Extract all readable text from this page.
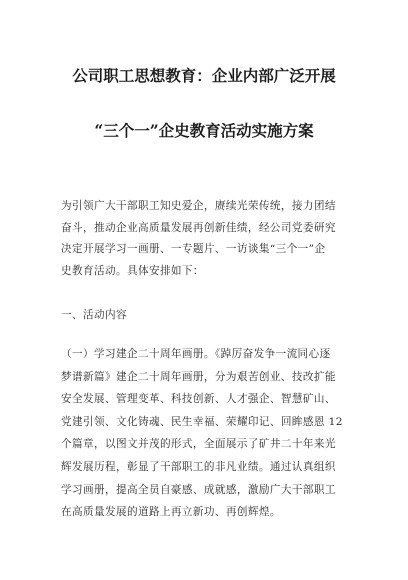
公司职工思想教育：企业内部广泛开展
“三个一”企史教育活动实施方案

为引领广大干部职工知史爱企，赓续光荣传统，接力团结
奋斗，推动企业高质量发展再创新佳绩，经公司党委研究
决定开展学习一画册、一专题片、一访谈集“三个一”企
史教育活动。具体安排如下：

一、活动内容

（一）学习建企二十周年画册。《踔厉奋发争一流同心逐
梦谱新篇》建企二十周年画册，分为艰苦创业、技改扩能
安全发展、管理变革、科技创新、人才强企、智慧矿山、
党建引领、文化铸魂、民生幸福、荣耀印记、回眸感恩 12
个篇章，以图文并茂的形式，全面展示了矿井二十年来光
辉发展历程，彰显了干部职工的非凡业绩。通过认真组织
学习画册，提高全员自豪感、成就感，激励广大干部职工
在高质量发展的道路上再立新功、再创辉煌。
